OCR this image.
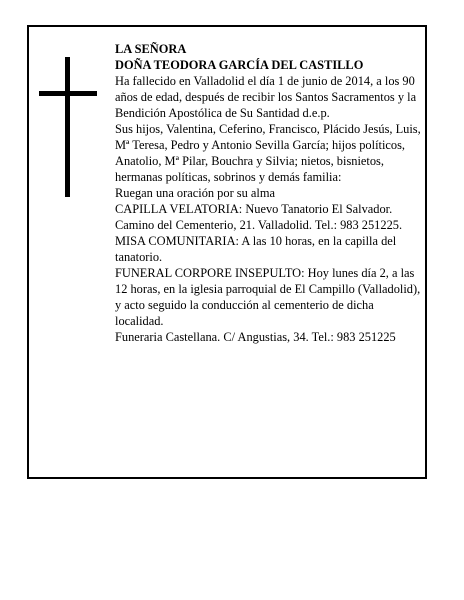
LA SEÑORA

DOÑA TEODORA GARCÍA DEL CASTILLO

Ha fallecido en Valladolid el día 1 de junio de 2014, a los 90 años de edad, después de recibir los Santos Sacramentos y la Bendición Apostólica de Su Santidad d.e.p.

Sus hijos, Valentina, Ceferino, Francisco, Plácido Jesús, Luis, Mª Teresa, Pedro y Antonio Sevilla García; hijos políticos, Anatolio, Mª Pilar, Bouchra y Silvia; nietos, bisnietos, hermanas políticas, sobrinos y demás familia:

Ruegan una oración por su alma

CAPILLA VELATORIA: Nuevo Tanatorio El Salvador. Camino del Cementerio, 21. Valladolid. Tel.: 983 251225.

MISA COMUNITARIA: A las 10 horas, en la capilla del tanatorio.

FUNERAL CORPORE INSEPULTO: Hoy lunes día 2, a las 12 horas, en la iglesia parroquial de El Campillo (Valladolid), y acto seguido la conducción al cementerio de dicha localidad.

Funeraria Castellana. C/ Angustias, 34. Tel.: 983 251225
